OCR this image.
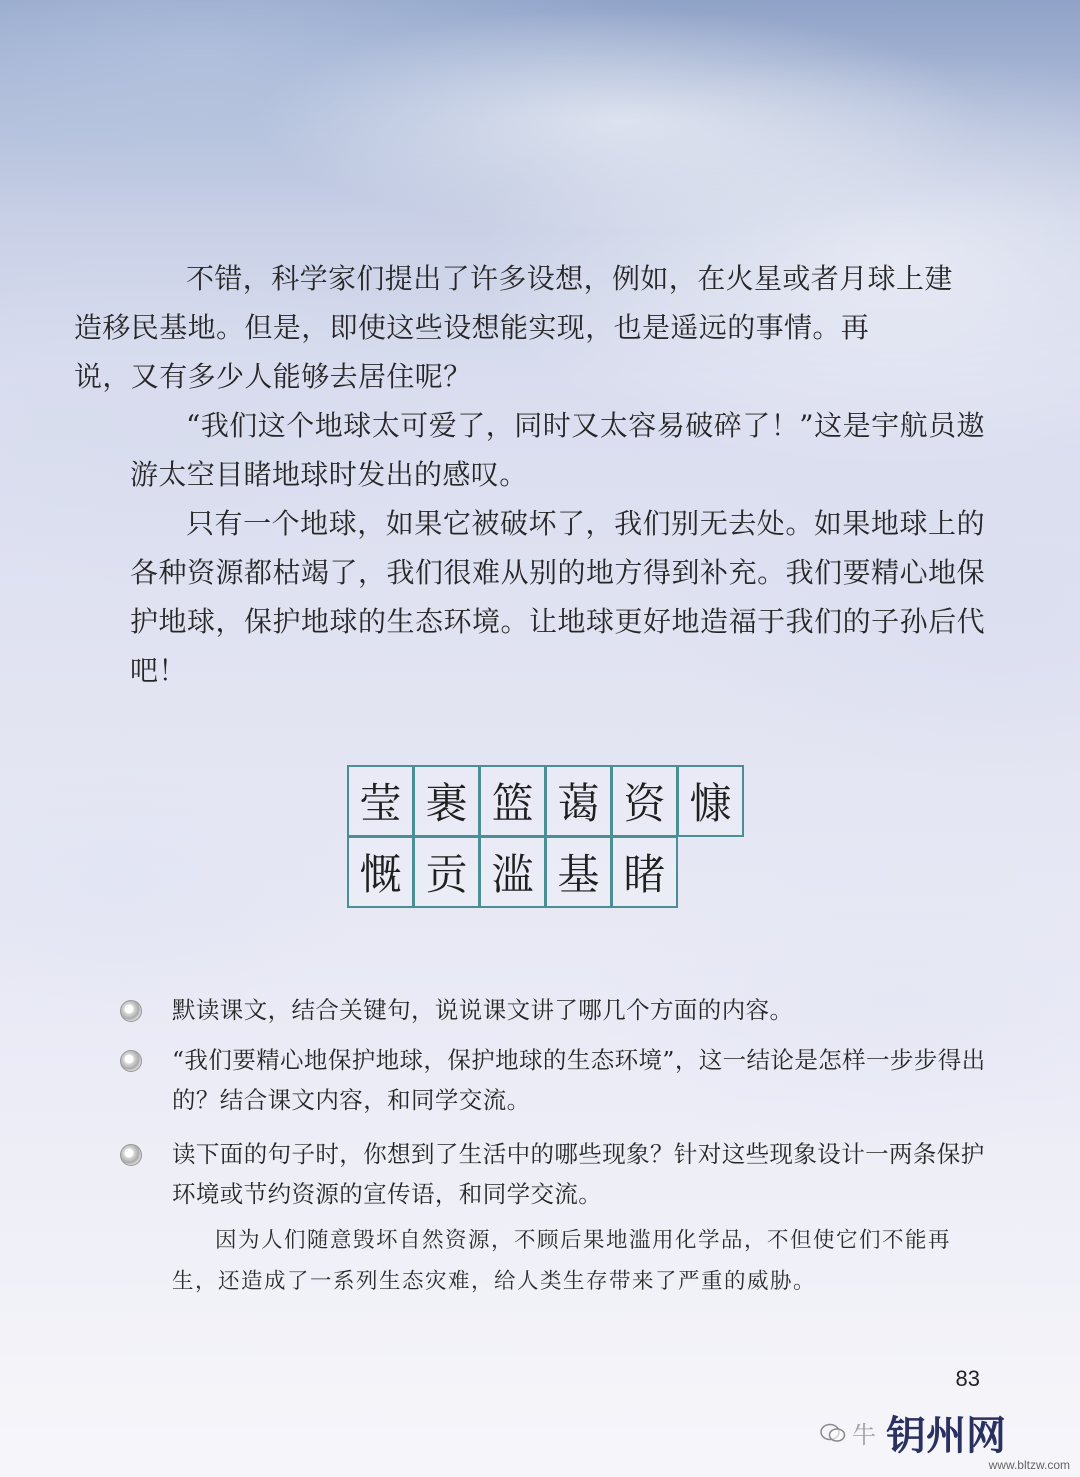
不错，科学家们提出了许多设想，例如，在火星或者月球上建
造移民基地。但是，即使这些设想能实现，也是遥远的事情。再
说，又有多少人能够去居住呢？

“我们这个地球太可爱了，同时又太容易破碎了！”这是宇航员遨游太空目睹地球时发出的感叹。

只有一个地球，如果它被破坏了，我们别无去处。如果地球上的各种资源都枯竭了，我们很难从别的地方得到补充。我们要精心地保护地球，保护地球的生态环境。让地球更好地造福于我们的子孙后代吧！

莹 裹 篮 蔼 资 慷
慨 贡 滥 基 睹
默读课文，结合关键句，说说课文讲了哪几个方面的内容。
“我们要精心地保护地球，保护地球的生态环境”，这一结论是怎样一步步得出的？结合课文内容，和同学交流。
读下面的句子时，你想到了生活中的哪些现象？针对这些现象设计一两条保护环境或节约资源的宣传语，和同学交流。
因为人们随意毁坏自然资源，不顾后果地滥用化学品，不但使它们不能再生，还造成了一系列生态灾难，给人类生存带来了严重的威胁。
83
牛 钥州网
www.bltzw.com
